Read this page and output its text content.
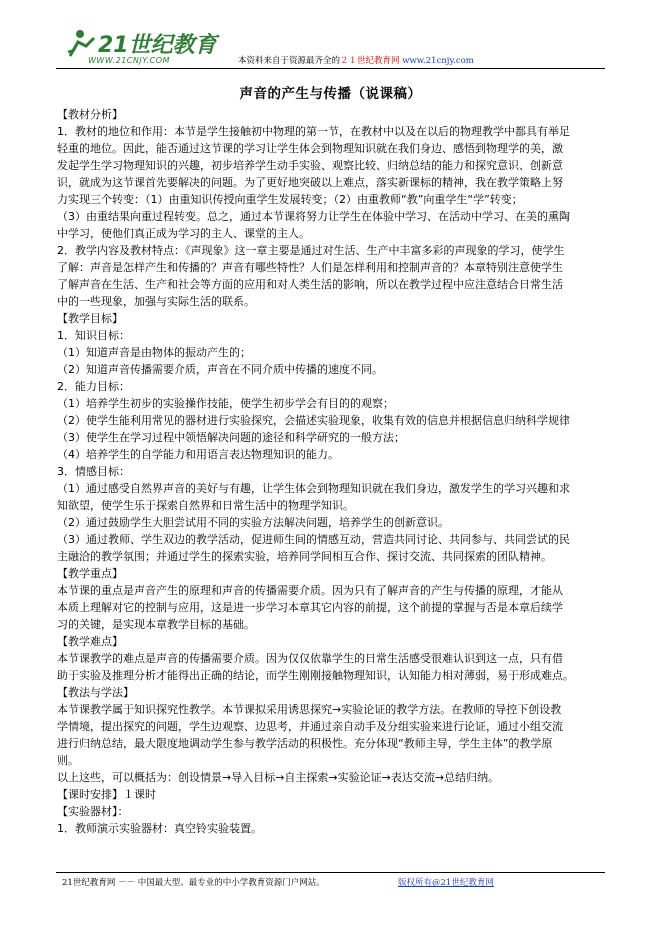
21世纪教育
WWW.21CNJY.COM	本资料来自于资源最齐全的２１世纪教育网 www.21cnjy.com
声音的产生与传播（说课稿）

【教材分析】

1．教材的地位和作用：本节是学生接触初中物理的第一节，在教材中以及在以后的物理教学中都具有举足

轻重的地位。因此，能否通过这节课的学习让学生体会到物理知识就在我们身边、感悟到物理学的美，激

发起学生学习物理知识的兴趣，初步培养学生动手实验、观察比较、归纳总结的能力和探究意识、创新意

识，就成为这节课首先要解决的问题。为了更好地突破以上难点，落实新课标的精神，我在教学策略上努

力实现三个转变：（1）由重知识传授向重学生发展转变；（2）由重教师“教”向重学生“学”转变；

（3）由重结果向重过程转变。总之，通过本节课将努力让学生在体验中学习、在活动中学习、在美的熏陶

中学习，使他们真正成为学习的主人、课堂的主人。

2．教学内容及教材特点：《声现象》这一章主要是通过对生活、生产中丰富多彩的声现象的学习，使学生

了解：声音是怎样产生和传播的？声音有哪些特性？人们是怎样利用和控制声音的？本章特别注意使学生

了解声音在生活、生产和社会等方面的应用和对人类生活的影响，所以在教学过程中应注意结合日常生活

中的一些现象，加强与实际生活的联系。

【教学目标】

1．知识目标：

（1）知道声音是由物体的振动产生的；

（2）知道声音传播需要介质，声音在不同介质中传播的速度不同。

2．能力目标：

（1）培养学生初步的实验操作技能，使学生初步学会有目的的观察；

（2）使学生能利用常见的器材进行实验探究，会描述实验现象，收集有效的信息并根据信息归纳科学规律

（3）使学生在学习过程中领悟解决问题的途径和科学研究的一般方法；

（4）培养学生的自学能力和用语言表达物理知识的能力。

3．情感目标：

（1）通过感受自然界声音的美好与有趣，让学生体会到物理知识就在我们身边，激发学生的学习兴趣和求

知欲望，使学生乐于探索自然界和日常生活中的物理学知识。

（2）通过鼓励学生大胆尝试用不同的实验方法解决问题，培养学生的创新意识。

（3）通过教师、学生双边的教学活动，促进师生间的情感互动，营造共同讨论、共同参与、共同尝试的民

主融洽的教学氛围；并通过学生的探索实验，培养同学间相互合作、探讨交流、共同探索的团队精神。

【教学重点】

本节课的重点是声音产生的原理和声音的传播需要介质。因为只有了解声音的产生与传播的原理，才能从

本质上理解对它的控制与应用，这是进一步学习本章其它内容的前提，这个前提的掌握与否是本章后续学

习的关键，是实现本章教学目标的基础。

【教学难点】

本节课教学的难点是声音的传播需要介质。因为仅仅依靠学生的日常生活感受很难认识到这一点，只有借

助于实验及推理分析才能得出正确的结论，而学生刚刚接触物理知识，认知能力相对薄弱，易于形成难点。

【教法与学法】

本节课教学属于知识探究性教学。本节课拟采用诱思探究→实验论证的教学方法。在教师的导控下创设教

学情境，提出探究的问题，学生边观察、边思考，并通过亲自动手及分组实验来进行论证，通过小组交流

进行归纳总结，最大限度地调动学生参与教学活动的积极性。充分体现“教师主导，学生主体”的教学原

则。

以上这些，可以概括为：创设情景→导入目标→自主探索→实验论证→表达交流→总结归纳。

【课时安排】１课时

【实验器材】：

1．教师演示实验器材：真空铃实验装置。

21世纪教育网 －－ 中国最大型、最专业的中小学教育资源门户网站。	版权所有@21世纪教育网
